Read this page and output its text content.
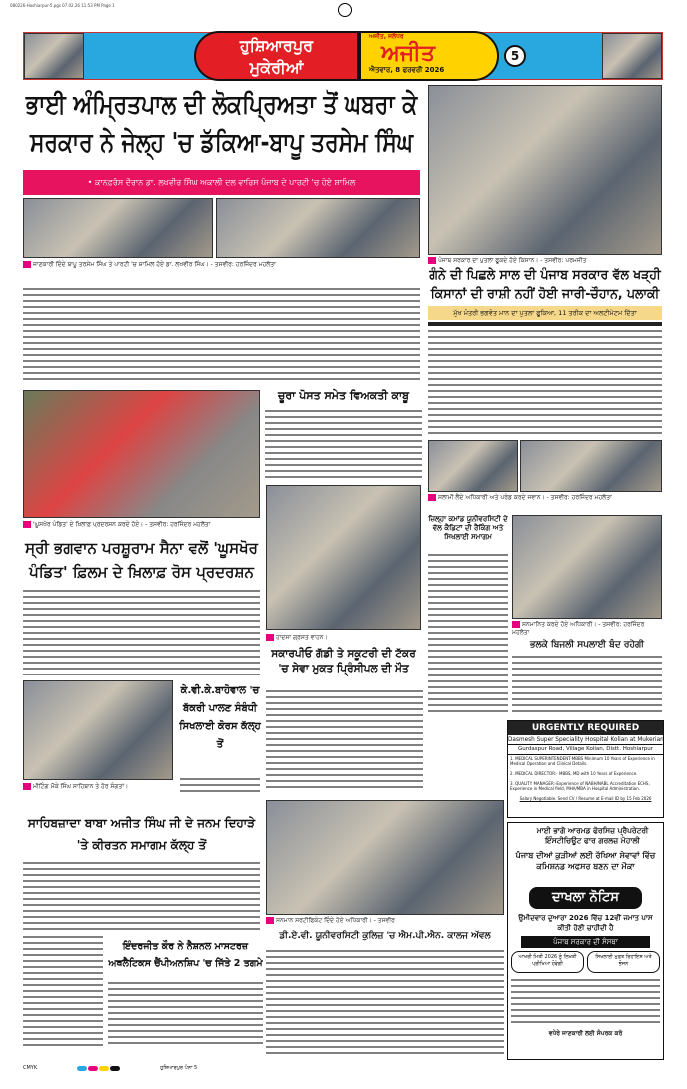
080226-Hoshiarpur-5.pgs 07.02.26 11:53 PM Page 1
ਹੁਸ਼ਿਆਰਪੁਰ
ਮੁਕੇਰੀਆਂ
ਅਜੀਤ, ਜਲੰਧਰ
ਅਜੀਤ
ਐਤਵਾਰ, 8 ਫਰਵਰੀ 2026
5
ਭਾਈ ਅੰਮ੍ਰਿਤਪਾਲ ਦੀ ਲੋਕਪ੍ਰਿਅਤਾ ਤੋਂ ਘਬਰਾ ਕੇ ਸਰਕਾਰ ਨੇ ਜੇਲ੍ਹ 'ਚ ਡੱਕਿਆ-ਬਾਪੂ ਤਰਸੇਮ ਸਿੰਘ
• ਕਾਨਫ਼ਰੰਸ ਦੌਰਾਨ ਡਾ. ਲਖਵੀਰ ਸਿੰਘ ਅਕਾਲੀ ਦਲ ਵਾਰਿਸ ਪੰਜਾਬ ਦੇ ਪਾਰਟੀ 'ਚ ਹੋਏ ਸ਼ਾਮਿਲ
ਜਾਣਕਾਰੀ ਦਿੰਦੇ ਬਾਪੂ ਤਰਸੇਮ ਸਿੰਘ ਤੇ ਪਾਰਟੀ 'ਚ ਸ਼ਾਮਿਲ ਹੋਏ ਡਾ. ਲਖਵੀਰ ਸਿੰਘ। - ਤਸਵੀਰ: ਹਰਜਿੰਦਰ ਮਹਲੋਤਾ
ਪੰਜਾਬ ਸਰਕਾਰ ਦਾ ਪੁਤਲਾ ਫੂਕਦੇ ਹੋਏ ਕਿਸਾਨ। - ਤਸਵੀਰ: ਪਰਮਜੀਤ
ਗੰਨੇ ਦੀ ਪਿਛਲੇ ਸਾਲ ਦੀ ਪੰਜਾਬ ਸਰਕਾਰ ਵੱਲ ਖੜ੍ਹੀ ਕਿਸਾਨਾਂ ਦੀ ਰਾਸ਼ੀ ਨਹੀਂ ਹੋਈ ਜਾਰੀ-ਚੌਹਾਨ, ਪਲਾਕੀ
ਮੁੱਖ ਮੰਤਰੀ ਭਗਵੰਤ ਮਾਨ ਦਾ ਪੁਤਲਾ ਫੂਕਿਆ, 11 ਤਰੀਕ ਦਾ ਅਲਟੀਮੇਟਮ ਦਿੱਤਾ
ਸਲਾਮੀ ਲੈਂਦੇ ਅਧਿਕਾਰੀ ਅਤੇ ਪਰੇਡ ਕਰਦੇ ਜਵਾਨ। - ਤਸਵੀਰ: ਹਰਜਿੰਦਰ ਮਹਲੋਤਾ
ਜ਼ਿਲ੍ਹਾ ਕਮਾਂਡ ਯੂਨੀਵਰਸਿਟੀ ਦੇ ਵੱਲ ਕੈਡਿਟਾਂ ਦੀ ਰੈਂਕਿੰਗ ਅਤੇ ਸਿਖਲਾਈ ਸਮਾਗਮ
ਸਨਮਾਨਿਤ ਕਰਦੇ ਹੋਏ ਅਧਿਕਾਰੀ। - ਤਸਵੀਰ: ਹਰਜਿੰਦਰ ਮਹਲੋਤਾ
ਭਲਕੇ ਬਿਜਲੀ ਸਪਲਾਈ ਬੰਦ ਰਹੇਗੀ
URGENTLY REQUIRED
Dasmesh Super Speciality Hospital Kolian at Mukerian
Gurdaspur Road, Village Kolian, Distt. Hoshiarpur
1. MEDICAL SUPERINTENDENT-MBBS Minimum 10 Years of Experience in Medical Operation and Clinical Details.
2. MEDICAL DIRECTOR:- MBBS, MD with 10 Years of Experience.
3. QUALITY MANAGER:-Experience of NABH/NABL Accreditation ECHS, Experience in Medical field, MHA/MBA in Hospital Administration.
Salary Negotiable. Send CV / Resume at E-mail ID by 15 Feb 2026
ਮਾਈ ਭਾਗੋ ਆਰਮਡ ਫੋਰਸਿਜ਼ ਪ੍ਰੈਪਰੇਟਰੀ ਇੰਸਟੀਚਿਊਟ ਫਾਰ ਗਰਲਜ਼ ਮੋਹਾਲੀ
ਪੰਜਾਬ ਦੀਆਂ ਕੁੜੀਆਂ ਲਈ ਰੱਖਿਆ ਸੇਵਾਵਾਂ ਵਿੱਚ ਕਮਿਸ਼ਨਡ ਅਫਸਰ ਬਣਨ ਦਾ ਮੌਕਾ
ਦਾਖਲਾ ਨੋਟਿਸ
ਉਮੀਦਵਾਰ ਦੁਆਰਾ 2026 ਵਿੱਚ 12ਵੀਂ ਜਮਾਤ ਪਾਸ ਕੀਤੀ ਹੋਣੀ ਚਾਹੀਦੀ ਹੈ
ਪੰਜਾਬ ਸਰਕਾਰ ਦੀ ਸੰਸਥਾ
ਆਖਰੀ ਮਿਤੀ 2026 ਨੂੰ ਲਿਖਤੀ ਪ੍ਰੀਖਿਆ ਹੋਵੇਗੀ
ਸਿਖਲਾਈ ਮੁਫ਼ਤ ਰਿਹਾਇਸ਼ ਅਤੇ ਭੋਜਨ
ਵਧੇਰੇ ਜਾਣਕਾਰੀ ਲਈ ਸੰਪਰਕ ਕਰੋ
ਚੂਰਾ ਪੋਸਤ ਸਮੇਤ ਵਿਅਕਤੀ ਕਾਬੂ
'ਘੂਸਖੋਰ ਪੰਡਿਤ' ਦੇ ਖ਼ਿਲਾਫ਼ ਪ੍ਰਦਰਸ਼ਨ ਕਰਦੇ ਹੋਏ। - ਤਸਵੀਰ: ਹਰਜਿੰਦਰ ਮਹਲੋਤਾ
ਸ੍ਰੀ ਭਗਵਾਨ ਪਰਸ਼ੂਰਾਮ ਸੈਨਾ ਵਲੋਂ 'ਘੂਸਖੋਰ ਪੰਡਿਤ' ਫ਼ਿਲਮ ਦੇ ਖ਼ਿਲਾਫ਼ ਰੋਸ ਪ੍ਰਦਰਸ਼ਨ
ਹਾਦਸਾ ਗ੍ਰਸਤ ਵਾਹਨ।
ਸਕਾਰਪੀਓ ਗੱਡੀ ਤੇ ਸਕੂਟਰੀ ਦੀ ਟੱਕਰ 'ਚ ਸੇਵਾ ਮੁਕਤ ਪ੍ਰਿੰਸੀਪਲ ਦੀ ਮੌਤ
ਮੀਟਿੰਗ ਮੌਕੇ ਸਿੰਘ ਸਾਹਿਬਾਨ ਤੇ ਹੋਰ ਸੰਗਤਾਂ।
ਕੇ.ਵੀ.ਕੇ.ਬਾਹੋਵਾਲ 'ਚ ਬੱਕਰੀ ਪਾਲਣ ਸੰਬੰਧੀ ਸਿਖਲਾਈ ਕੋਰਸ ਕੱਲ੍ਹ ਤੋਂ
ਸਾਹਿਬਜ਼ਾਦਾ ਬਾਬਾ ਅਜੀਤ ਸਿੰਘ ਜੀ ਦੇ ਜਨਮ ਦਿਹਾੜੇ 'ਤੇ ਕੀਰਤਨ ਸਮਾਗਮ ਕੱਲ੍ਹ ਤੋਂ
ਸਨਮਾਨ ਸਰਟੀਫਿਕੇਟ ਦਿੰਦੇ ਹੋਏ ਅਧਿਕਾਰੀ। - ਤਸਵੀਰ
ਡੀ.ਏ.ਵੀ. ਯੂਨੀਵਰਸਿਟੀ ਕੁਲਿਜ਼ 'ਚ ਐਮ.ਪੀ.ਐਨ. ਕਾਲਜ ਅੱਵਲ
ਇੰਦਰਜੀਤ ਕੌਰ ਨੇ ਨੈਸ਼ਨਲ ਮਾਸਟਰਜ਼ ਅਥਲੈਟਿਕਸ ਚੈਂਪੀਅਨਸ਼ਿਪ 'ਚ ਜਿੱਤੇ 2 ਤਗਮੇ
CMYK	ਹੁਸ਼ਿਆਰਪੁਰ ਪੰਨਾ 5
